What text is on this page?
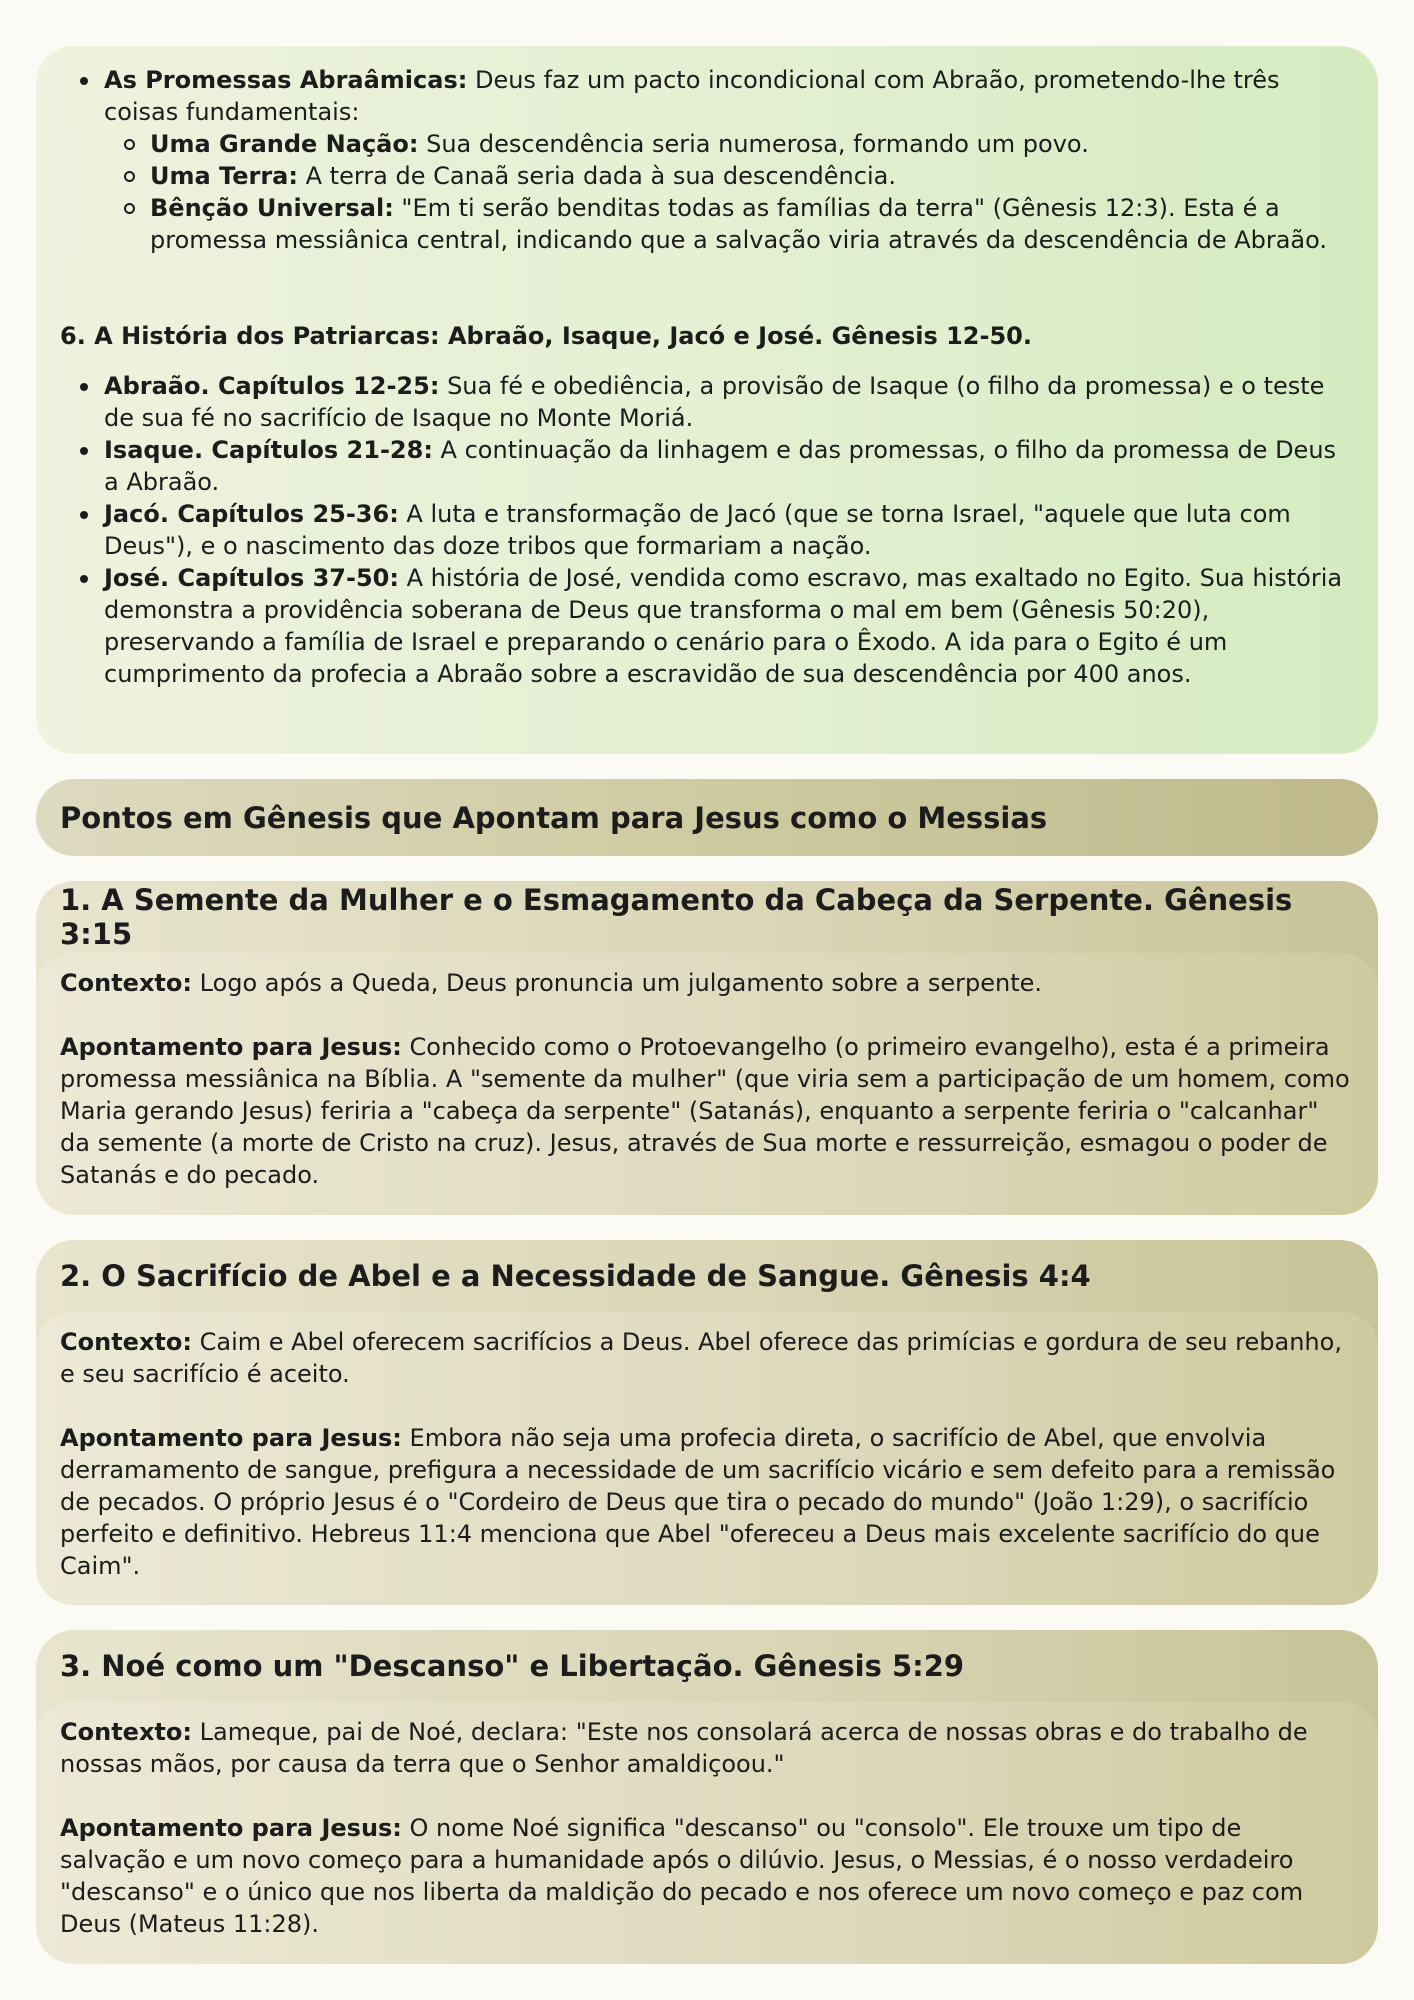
As Promessas Abraâmicas: Deus faz um pacto incondicional com Abraão, prometendo-lhe três coisas fundamentais:
Uma Grande Nação: Sua descendência seria numerosa, formando um povo.
Uma Terra: A terra de Canaã seria dada à sua descendência.
Bênção Universal: "Em ti serão benditas todas as famílias da terra" (Gênesis 12:3). Esta é a promessa messiânica central, indicando que a salvação viria através da descendência de Abraão.
6. A História dos Patriarcas: Abraão, Isaque, Jacó e José. Gênesis 12-50.
Abraão. Capítulos 12-25: Sua fé e obediência, a provisão de Isaque (o filho da promessa) e o teste de sua fé no sacrifício de Isaque no Monte Moriá.
Isaque. Capítulos 21-28: A continuação da linhagem e das promessas, o filho da promessa de Deus a Abraão.
Jacó. Capítulos 25-36: A luta e transformação de Jacó (que se torna Israel, "aquele que luta com Deus"), e o nascimento das doze tribos que formariam a nação.
José. Capítulos 37-50: A história de José, vendida como escravo, mas exaltado no Egito. Sua história demonstra a providência soberana de Deus que transforma o mal em bem (Gênesis 50:20), preservando a família de Israel e preparando o cenário para o Êxodo. A ida para o Egito é um cumprimento da profecia a Abraão sobre a escravidão de sua descendência por 400 anos.
Pontos em Gênesis que Apontam para Jesus como o Messias
1. A Semente da Mulher e o Esmagamento da Cabeça da Serpente. Gênesis 3:15

Contexto: Logo após a Queda, Deus pronuncia um julgamento sobre a serpente.

Apontamento para Jesus: Conhecido como o Protoevangelho (o primeiro evangelho), esta é a primeira promessa messiânica na Bíblia. A "semente da mulher" (que viria sem a participação de um homem, como Maria gerando Jesus) feriria a "cabeça da serpente" (Satanás), enquanto a serpente feriria o "calcanhar" da semente (a morte de Cristo na cruz). Jesus, através de Sua morte e ressurreição, esmagou o poder de Satanás e do pecado.

2. O Sacrifício de Abel e a Necessidade de Sangue. Gênesis 4:4

Contexto: Caim e Abel oferecem sacrifícios a Deus. Abel oferece das primícias e gordura de seu rebanho, e seu sacrifício é aceito.

Apontamento para Jesus: Embora não seja uma profecia direta, o sacrifício de Abel, que envolvia derramamento de sangue, prefigura a necessidade de um sacrifício vicário e sem defeito para a remissão de pecados. O próprio Jesus é o "Cordeiro de Deus que tira o pecado do mundo" (João 1:29), o sacrifício perfeito e definitivo. Hebreus 11:4 menciona que Abel "ofereceu a Deus mais excelente sacrifício do que Caim".

3. Noé como um "Descanso" e Libertação. Gênesis 5:29

Contexto: Lameque, pai de Noé, declara: "Este nos consolará acerca de nossas obras e do trabalho de nossas mãos, por causa da terra que o Senhor amaldiçoou."

Apontamento para Jesus: O nome Noé significa "descanso" ou "consolo". Ele trouxe um tipo de salvação e um novo começo para a humanidade após o dilúvio. Jesus, o Messias, é o nosso verdadeiro "descanso" e o único que nos liberta da maldição do pecado e nos oferece um novo começo e paz com Deus (Mateus 11:28).
